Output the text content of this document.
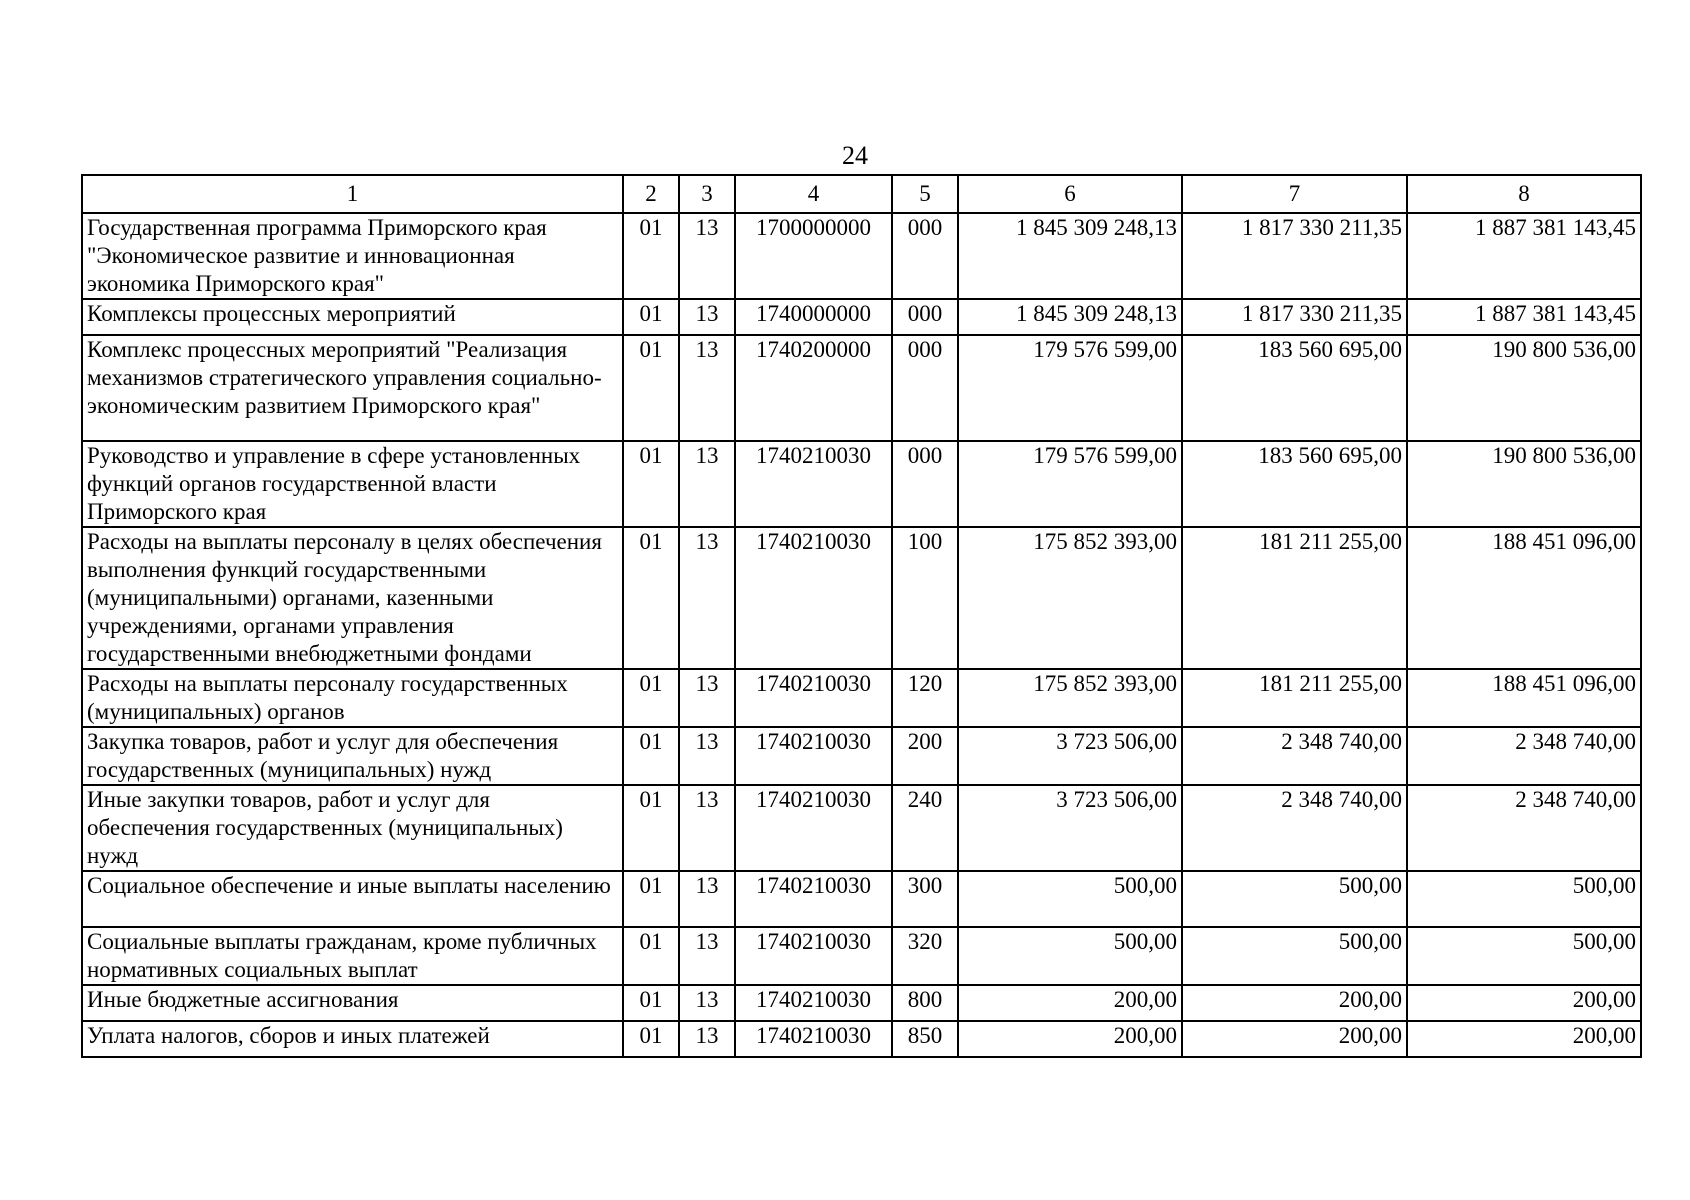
24
1	2	3	4	5	6	7	8
Государственная программа Приморского края "Экономическое развитие и инновационная экономика Приморского края"	01	13	1700000000	000	1 845 309 248,13	1 817 330 211,35	1 887 381 143,45
Комплексы процессных мероприятий	01	13	1740000000	000	1 845 309 248,13	1 817 330 211,35	1 887 381 143,45
Комплекс процессных мероприятий "Реализация механизмов стратегического управления социально-экономическим развитием Приморского края"	01	13	1740200000	000	179 576 599,00	183 560 695,00	190 800 536,00
Руководство и управление в сфере установленных функций органов государственной власти Приморского края	01	13	1740210030	000	179 576 599,00	183 560 695,00	190 800 536,00
Расходы на выплаты персоналу в целях обеспечения выполнения функций государственными (муниципальными) органами, казенными учреждениями, органами управления государственными внебюджетными фондами	01	13	1740210030	100	175 852 393,00	181 211 255,00	188 451 096,00
Расходы на выплаты персоналу государственных (муниципальных) органов	01	13	1740210030	120	175 852 393,00	181 211 255,00	188 451 096,00
Закупка товаров, работ и услуг для обеспечения государственных (муниципальных) нужд	01	13	1740210030	200	3 723 506,00	2 348 740,00	2 348 740,00
Иные закупки товаров, работ и услуг для обеспечения государственных (муниципальных) нужд	01	13	1740210030	240	3 723 506,00	2 348 740,00	2 348 740,00
Социальное обеспечение и иные выплаты населению	01	13	1740210030	300	500,00	500,00	500,00
Социальные выплаты гражданам, кроме публичных нормативных социальных выплат	01	13	1740210030	320	500,00	500,00	500,00
Иные бюджетные ассигнования	01	13	1740210030	800	200,00	200,00	200,00
Уплата налогов, сборов и иных платежей	01	13	1740210030	850	200,00	200,00	200,00
